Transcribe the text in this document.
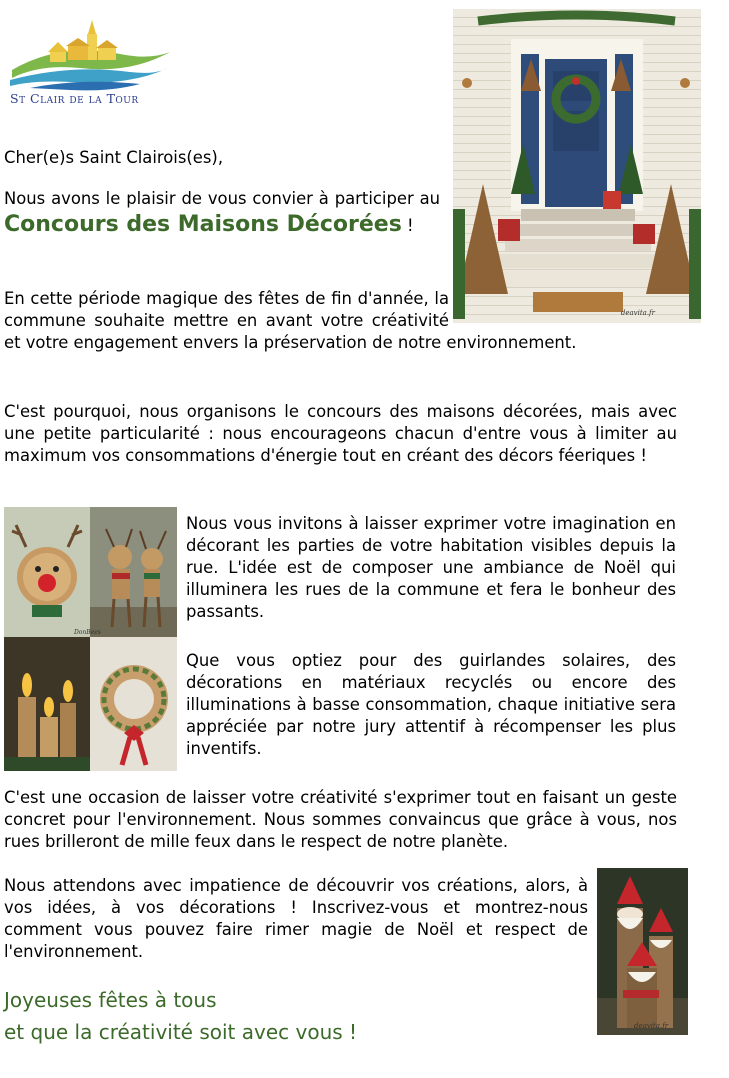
St Clair de la Tour
deavita.fr

Cher(e)s Saint Clairois(es),

Nous avons le plaisir de vous convier à participer au Concours des Maisons Décorées !

En cette période magique des fêtes de fin d'année, la commune souhaite mettre en avant votre créativité et votre engagement envers la préservation de notre environnement.

C'est pourquoi, nous organisons le concours des maisons décorées, mais avec une petite particularité : nous encourageons chacun d'entre vous à limiter au maximum vos consommations d'énergie tout en créant des décors féeriques !

DonBees

Nous vous invitons à laisser exprimer votre imagination en décorant les parties de votre habitation visibles depuis la rue. L'idée est de composer une ambiance de Noël qui illuminera les rues de la commune et fera le bonheur des passants.

Que vous optiez pour des guirlandes solaires, des décorations en matériaux recyclés ou encore des illuminations à basse consommation, chaque initiative sera appréciée par notre jury attentif à récompenser les plus inventifs.

C'est une occasion de laisser votre créativité s'exprimer tout en faisant un geste concret pour l'environnement. Nous sommes convaincus que grâce à vous, nos rues brilleront de mille feux dans le respect de notre planète.

Nous attendons avec impatience de découvrir vos créations, alors, à vos idées, à vos décorations ! Inscrivez-vous et montrez-nous comment vous pouvez faire rimer magie de Noël et respect de l'environnement.

deavita.fr
Joyeuses fêtes à tous
et que la créativité soit avec vous !
